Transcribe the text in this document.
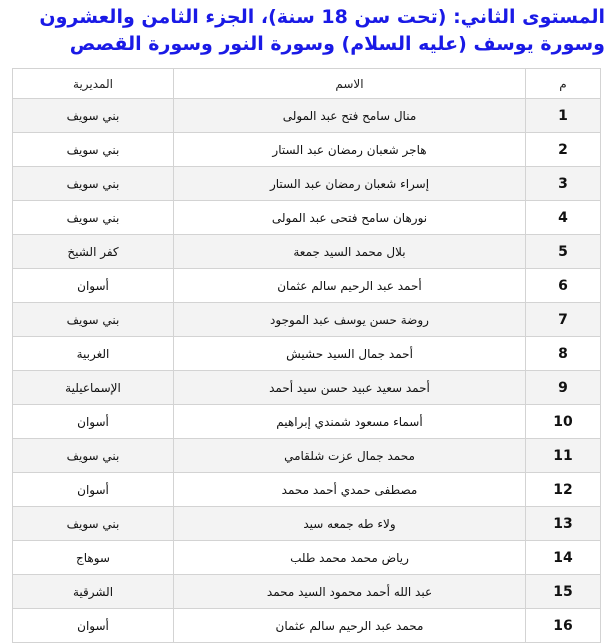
المستوى الثاني: (تحت سن 18 سنة)، الجزء الثامن والعشرون وسورة يوسف (عليه السلام) وسورة النور وسورة القصص
م	الاسم	المديرية
1	منال سامح فتح عبد المولى	بني سويف
2	هاجر شعبان رمضان عبد الستار	بني سويف
3	إسراء شعبان رمضان عبد الستار	بني سويف
4	نورهان سامح فتحى عبد المولى	بني سويف
5	بلال محمد السيد جمعة	كفر الشيخ
6	أحمد عبد الرحيم سالم عثمان	أسوان
7	روضة حسن يوسف عبد الموجود	بني سويف
8	أحمد جمال السيد حشيش	الغربية
9	أحمد سعيد عبيد حسن سيد أحمد	الإسماعيلية
10	أسماء مسعود شمندي إبراهيم	أسوان
11	محمد جمال عزت شلقامي	بني سويف
12	مصطفى حمدي أحمد محمد	أسوان
13	ولاء طه جمعه سيد	بني سويف
14	رياض محمد محمد طلب	سوهاج
15	عبد الله أحمد محمود السيد محمد	الشرقية
16	محمد عبد الرحيم سالم عثمان	أسوان
